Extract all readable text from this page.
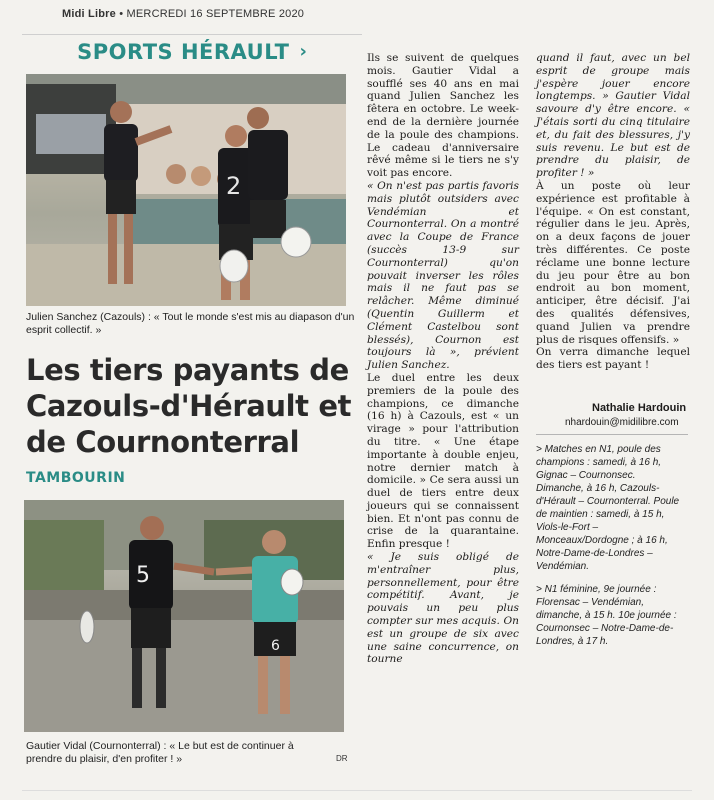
Midi Libre • MERCREDI 16 SEPTEMBRE 2020
SPORTS HÉRAULT ›
2
Julien Sanchez (Cazouls) : « Tout le monde s'est mis au diapason d'un esprit collectif. »
Les tiers payants de Cazouls-d'Hérault et de Cournonterral
TAMBOURIN
5
6
Gautier Vidal (Cournonterral) : « Le but est de continuer à prendre du plaisir, d'en profiter ! »	DR

Ils se suivent de quelques mois. Gautier Vidal a soufflé ses 40 ans en mai quand Julien Sanchez les fêtera en octobre. Le week-end de la dernière journée de la poule des champions. Le cadeau d'anniversaire rêvé même si le tiers ne s'y voit pas encore.

« On n'est pas partis favoris mais plutôt outsiders avec Vendémian et Cournonterral. On a montré avec la Coupe de France (succès 13-9 sur Cournonterral) qu'on pouvait inverser les rôles mais il ne faut pas se relâcher. Même diminué (Quentin Guillerm et Clément Castelbou sont blessés), Cournon est toujours là », prévient Julien Sanchez.

Le duel entre les deux premiers de la poule des champions, ce dimanche (16 h) à Cazouls, est « un virage » pour l'attribution du titre. « Une étape importante à double enjeu, notre dernier match à domicile. » Ce sera aussi un duel de tiers entre deux joueurs qui se connaissent bien. Et n'ont pas connu de crise de la quarantaine. Enfin presque !

« Je suis obligé de m'entraîner plus, personnellement, pour être compétitif. Avant, je pouvais un peu plus compter sur mes acquis. On est un groupe de six avec une saine concurrence, on tourne

quand il faut, avec un bel esprit de groupe mais j'espère jouer encore longtemps. » Gautier Vidal savoure d'y être encore. « J'étais sorti du cinq titulaire et, du fait des blessures, j'y suis revenu. Le but est de prendre du plaisir, de profiter ! »

À un poste où leur expérience est profitable à l'équipe. « On est constant, régulier dans le jeu. Après, on a deux façons de jouer très différentes. Ce poste réclame une bonne lecture du jeu pour être au bon endroit au bon moment, anticiper, être décisif. J'ai des qualités défensives, quand Julien va prendre plus de risques offensifs. »

On verra dimanche lequel des tiers est payant !

Nathalie Hardouin
nhardouin@midilibre.com

> Matches en N1, poule des champions : samedi, à 16 h, Gignac – Cournonsec. Dimanche, à 16 h, Cazouls-d'Hérault – Cournonterral. Poule de maintien : samedi, à 15 h, Viols-le-Fort – Monceaux/Dordogne ; à 16 h, Notre-Dame-de-Londres – Vendémian.

> N1 féminine, 9e journée : Florensac – Vendémian, dimanche, à 15 h. 10e journée : Cournonsec – Notre-Dame-de-Londres, à 17 h.
